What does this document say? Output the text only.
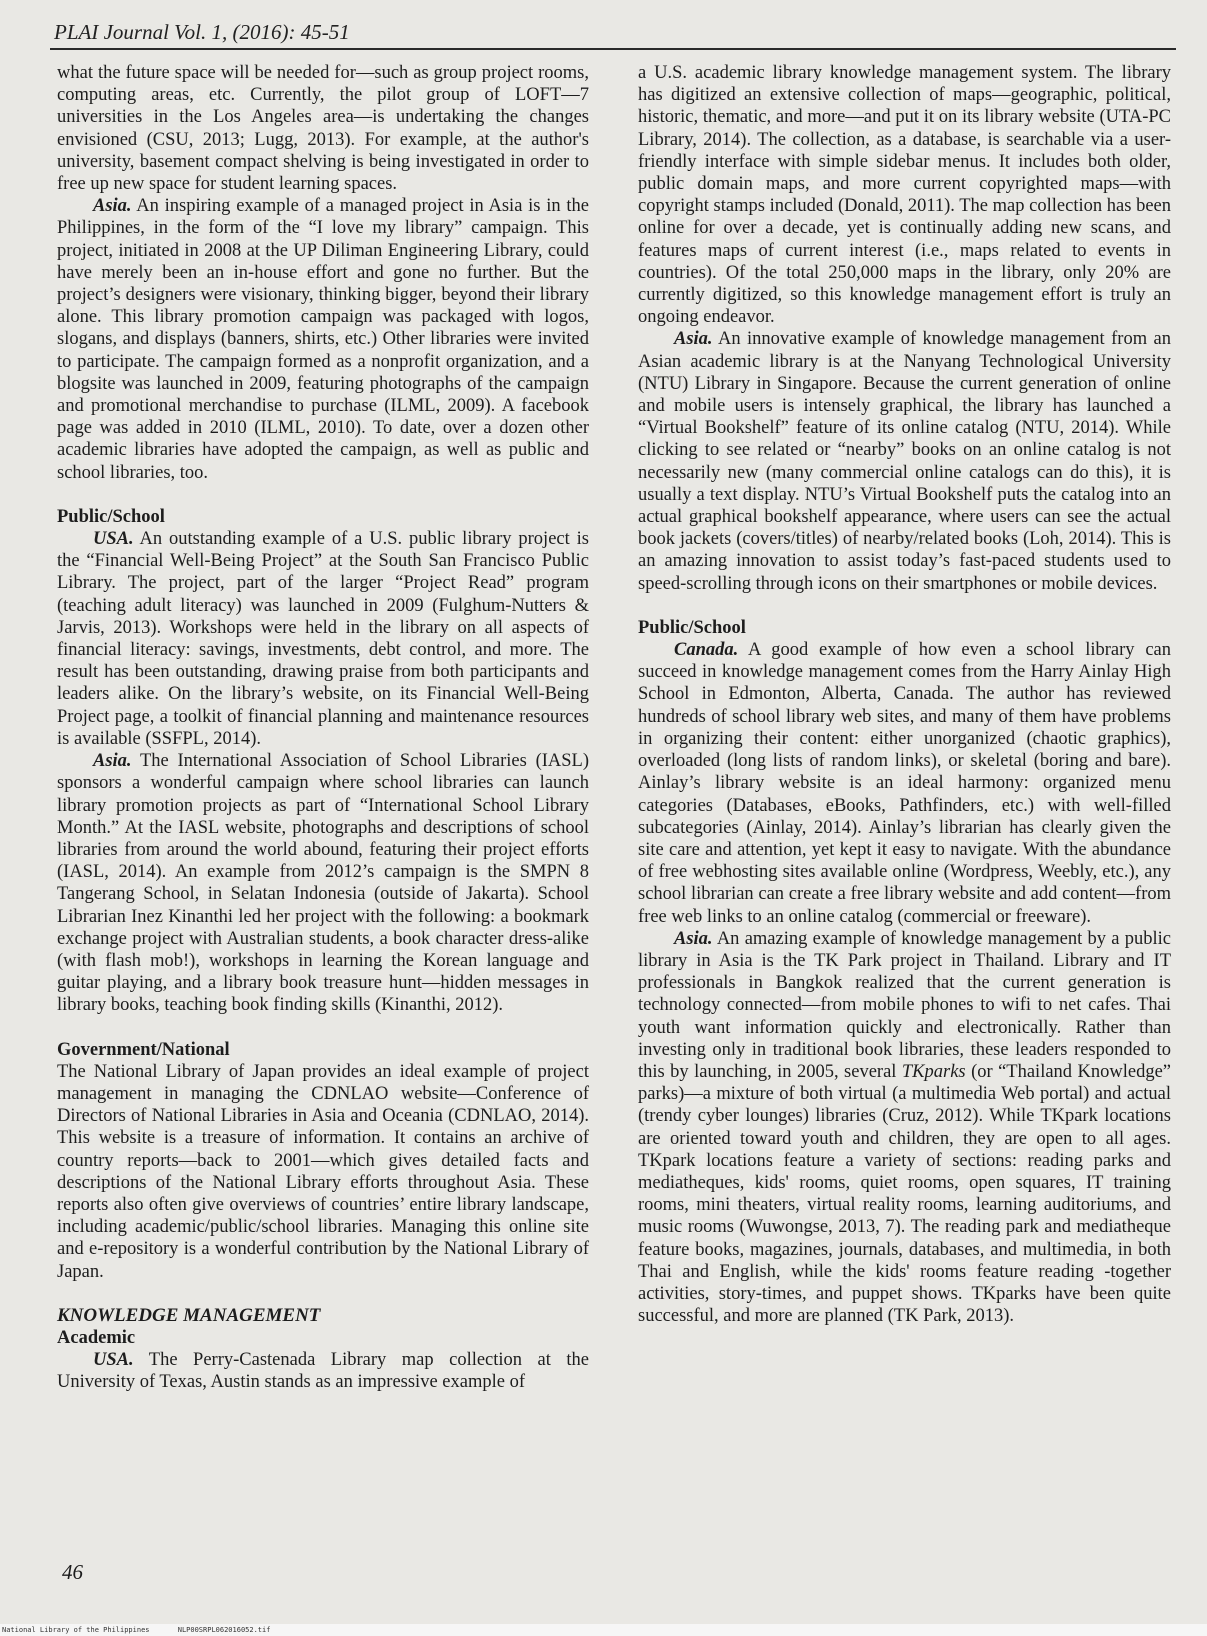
PLAI Journal Vol. 1, (2016): 45-51

what the future space will be needed for—such as group project rooms, computing areas, etc. Currently, the pilot group of LOFT—7 universities in the Los Angeles area—is undertaking the changes envisioned (CSU, 2013; Lugg, 2013). For example, at the author's university, basement compact shelving is being investigated in order to free up new space for student learning spaces.

Asia. An inspiring example of a managed project in Asia is in the Philippines, in the form of the “I love my library” campaign. This project, initiated in 2008 at the UP Diliman Engineering Library, could have merely been an in-house effort and gone no further. But the project’s designers were visionary, thinking bigger, beyond their library alone. This library promotion campaign was packaged with logos, slogans, and displays (banners, shirts, etc.) Other libraries were invited to participate. The campaign formed as a nonprofit organization, and a blogsite was launched in 2009, featuring photographs of the campaign and promotional merchandise to purchase (ILML, 2009). A facebook page was added in 2010 (ILML, 2010). To date, over a dozen other academic libraries have adopted the campaign, as well as public and school libraries, too.

Public/School

USA. An outstanding example of a U.S. public library project is the “Financial Well-Being Project” at the South San Francisco Public Library. The project, part of the larger “Project Read” program (teaching adult literacy) was launched in 2009 (Fulghum-Nutters & Jarvis, 2013). Workshops were held in the library on all aspects of financial literacy: savings, investments, debt control, and more. The result has been outstanding, drawing praise from both participants and leaders alike. On the library’s website, on its Financial Well-Being Project page, a toolkit of financial planning and maintenance resources is available (SSFPL, 2014).

Asia. The International Association of School Libraries (IASL) sponsors a wonderful campaign where school libraries can launch library promotion projects as part of “International School Library Month.” At the IASL website, photographs and descriptions of school libraries from around the world abound, featuring their project efforts (IASL, 2014). An example from 2012’s campaign is the SMPN 8 Tangerang School, in Selatan Indonesia (outside of Jakarta). School Librarian Inez Kinanthi led her project with the following: a bookmark exchange project with Australian students, a book character dress-alike (with flash mob!), workshops in learning the Korean language and guitar playing, and a library book treasure hunt—hidden messages in library books, teaching book finding skills (Kinanthi, 2012).

Government/National

The National Library of Japan provides an ideal example of project management in managing the CDNLAO website—Conference of Directors of National Libraries in Asia and Oceania (CDNLAO, 2014). This website is a treasure of information. It contains an archive of country reports—back to 2001—which gives detailed facts and descriptions of the National Library efforts throughout Asia. These reports also often give overviews of countries’ entire library landscape, including academic/public/school libraries. Managing this online site and e-repository is a wonderful contribution by the National Library of Japan.

KNOWLEDGE MANAGEMENT
Academic

USA. The Perry-Castenada Library map collection at the University of Texas, Austin stands as an impressive example of

a U.S. academic library knowledge management system. The library has digitized an extensive collection of maps—geographic, political, historic, thematic, and more—and put it on its library website (UTA-PC Library, 2014). The collection, as a database, is searchable via a user-friendly interface with simple sidebar menus. It includes both older, public domain maps, and more current copyrighted maps—with copyright stamps included (Donald, 2011). The map collection has been online for over a decade, yet is continually adding new scans, and features maps of current interest (i.e., maps related to events in countries). Of the total 250,000 maps in the library, only 20% are currently digitized, so this knowledge management effort is truly an ongoing endeavor.

Asia. An innovative example of knowledge management from an Asian academic library is at the Nanyang Technological University (NTU) Library in Singapore. Because the current generation of online and mobile users is intensely graphical, the library has launched a “Virtual Bookshelf” feature of its online catalog (NTU, 2014). While clicking to see related or “nearby” books on an online catalog is not necessarily new (many commercial online catalogs can do this), it is usually a text display. NTU’s Virtual Bookshelf puts the catalog into an actual graphical bookshelf appearance, where users can see the actual book jackets (covers/titles) of nearby/related books (Loh, 2014). This is an amazing innovation to assist today’s fast-paced students used to speed-scrolling through icons on their smartphones or mobile devices.

Public/School

Canada. A good example of how even a school library can succeed in knowledge management comes from the Harry Ainlay High School in Edmonton, Alberta, Canada. The author has reviewed hundreds of school library web sites, and many of them have problems in organizing their content: either unorganized (chaotic graphics), overloaded (long lists of random links), or skeletal (boring and bare). Ainlay’s library website is an ideal harmony: organized menu categories (Databases, eBooks, Pathfinders, etc.) with well-filled subcategories (Ainlay, 2014). Ainlay’s librarian has clearly given the site care and attention, yet kept it easy to navigate. With the abundance of free webhosting sites available online (Wordpress, Weebly, etc.), any school librarian can create a free library website and add content—from free web links to an online catalog (commercial or freeware).

Asia. An amazing example of knowledge management by a public library in Asia is the TK Park project in Thailand. Library and IT professionals in Bangkok realized that the current generation is technology connected—from mobile phones to wifi to net cafes. Thai youth want information quickly and electronically. Rather than investing only in traditional book libraries, these leaders responded to this by launching, in 2005, several TKparks (or “Thailand Knowledge” parks)—a mixture of both virtual (a multimedia Web portal) and actual (trendy cyber lounges) libraries (Cruz, 2012). While TKpark locations are oriented toward youth and children, they are open to all ages. TKpark locations feature a variety of sections: reading parks and mediatheques, kids' rooms, quiet rooms, open squares, IT training rooms, mini theaters, virtual reality rooms, learning auditoriums, and music rooms (Wuwongse, 2013, 7). The reading park and mediatheque feature books, magazines, journals, databases, and multimedia, in both Thai and English, while the kids' rooms feature reading -together activities, story-times, and puppet shows. TKparks have been quite successful, and more are planned (TK Park, 2013).

46
National Library of the Philippines	NLP00SRPL062016052.tif
